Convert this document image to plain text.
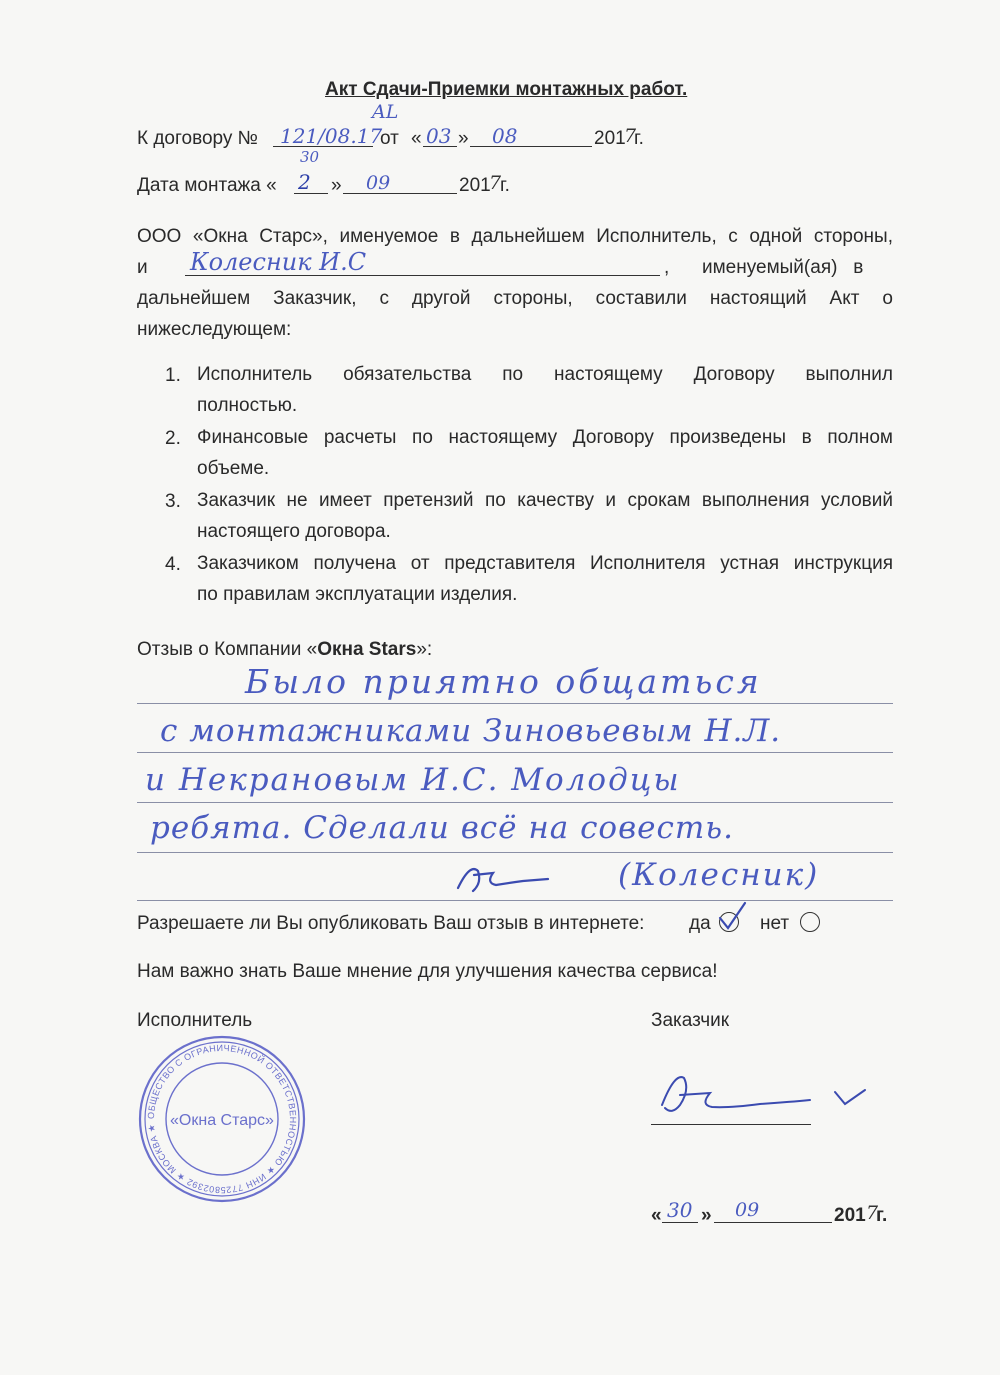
Акт Сдачи-Приемки монтажных работ.
К договору № 121/08.17
AL
от « 03 » 08	201
7
г.
Дата монтажа «
30
2 » 09	201
7
г.
ООО «Окна Старс», именуемое в дальнейшем Исполнитель, с одной стороны,
и Колесник И.С	, именуемый(ая)   в
дальнейшем Заказчик, с другой стороны, составили настоящий Акт о
нижеследующем:
1. Исполнитель обязательства по настоящему Договору выполнил
полностью.
2. Финансовые расчеты по настоящему Договору произведены в полном
объеме.
3. Заказчик не имеет претензий по качеству и срокам выполнения условий
настоящего договора.
4. Заказчиком получена от представителя Исполнителя устная инструкция
по правилам эксплуатации изделия.
Отзыв о Компании «Окна Stars»:
Было приятно общаться
с монтажниками Зиновьевым Н.Л.
и Некрановым И.С. Молодцы
ребята. Сделали всё на совесть.
(Колесник)
Разрешаете ли Вы опубликовать Ваш отзыв в интернете: да	нет
Нам важно знать Ваше мнение для улучшения качества сервиса!
Исполнитель	Заказчик
ОБЩЕСТВО С ОГРАНИЧЕННОЙ ОТВЕТСТВЕННОСТЬЮ ★ ИНН 7725802392 ★ МОСКВА ★ «Окна Старс»
« 30 » 09	201 7
г.
